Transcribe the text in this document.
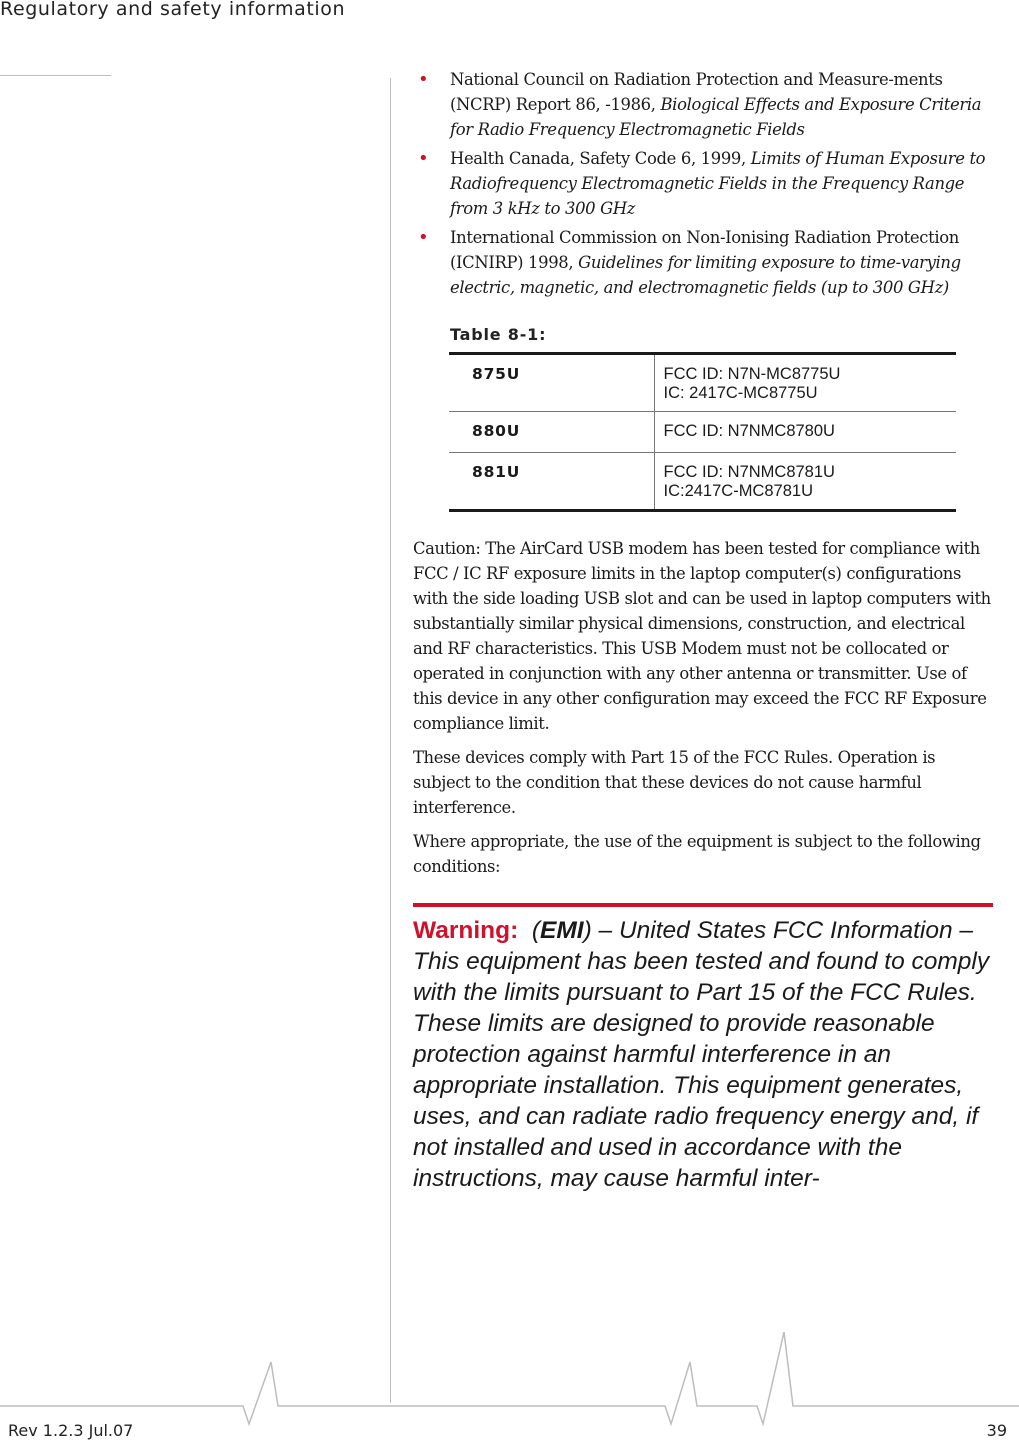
Regulatory and safety information
• National Council on Radiation Protection and Measure-ments (NCRP) Report 86, -1986, Biological Effects and Exposure Criteria for Radio Frequency Electromagnetic Fields
• Health Canada, Safety Code 6, 1999, Limits of Human Exposure to Radiofrequency Electromagnetic Fields in the Frequency Range from 3 kHz to 300 GHz
• International Commission on Non-Ionising Radiation Protection (ICNIRP) 1998, Guidelines for limiting exposure to time-varying electric, magnetic, and electromagnetic fields (up to 300 GHz)
Table 8-1:
875U	FCC ID: N7N-MC8775U
IC: 2417C-MC8775U

880U	FCC ID: N7NMC8780U

881U	FCC ID: N7NMC8781U
IC:2417C-MC8781U

Caution: The AirCard USB modem has been tested for compliance with FCC / IC RF exposure limits in the laptop computer(s) configurations with the side loading USB slot and can be used in laptop computers with substantially similar physical dimensions, construction, and electrical and RF characteristics. This USB Modem must not be collocated or operated in conjunction with any other antenna or transmitter. Use of this device in any other configuration may exceed the FCC RF Exposure compliance limit.

These devices comply with Part 15 of the FCC Rules. Operation is subject to the condition that these devices do not cause harmful interference.

Where appropriate, the use of the equipment is subject to the following conditions:

Warning:  (EMI) – United States FCC Information – This equipment has been tested and found to comply with the limits pursuant to Part 15 of the FCC Rules. These limits are designed to provide reasonable protection against harmful interference in an appropriate installation. This equipment generates, uses, and can radiate radio frequency energy and, if not installed and used in accordance with the instructions, may cause harmful inter-

Rev 1.2.3 Jul.07	39
